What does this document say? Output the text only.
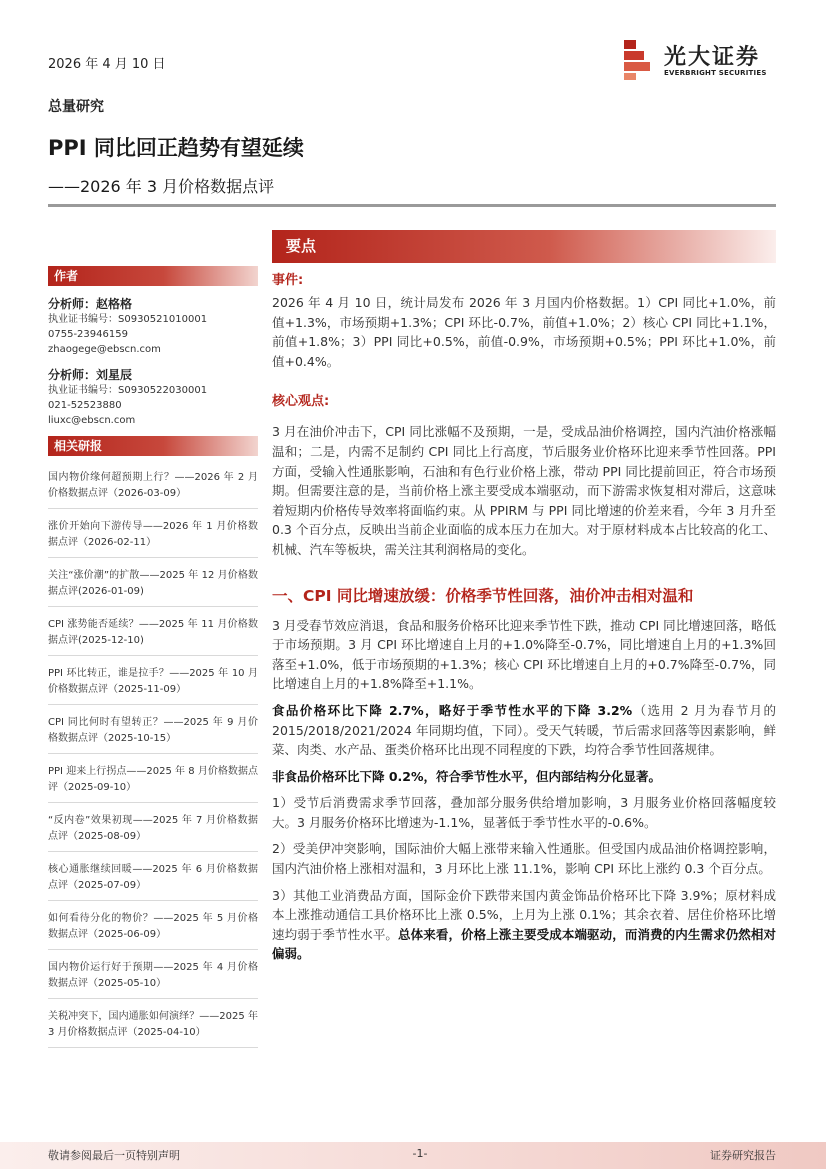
2026 年 4 月 10 日	光大证券
EVERBRIGHT SECURITIES
总量研究
PPI 同比回正趋势有望延续
——2026 年 3 月价格数据点评
作者
分析师：赵格格
执业证书编号：S0930521010001
0755-23946159
zhaogege@ebscn.com
分析师：刘星辰
执业证书编号：S0930522030001
021-52523880
liuxc@ebscn.com
相关研报
国内物价缘何超预期上行？——2026 年 2 月价格数据点评（2026-03-09）
涨价开始向下游传导——2026 年 1 月价格数据点评（2026-02-11）
关注“涨价潮”的扩散——2025 年 12 月价格数据点评(2026-01-09)
CPI 涨势能否延续？——2025 年 11 月价格数据点评(2025-12-10)
PPI 环比转正，谁是拉手？——2025 年 10 月价格数据点评（2025-11-09）
CPI 同比何时有望转正？——2025 年 9 月价格数据点评（2025-10-15）
PPI 迎来上行拐点——2025 年 8 月价格数据点评（2025-09-10）
“反内卷”效果初现——2025 年 7 月价格数据点评（2025-08-09）
核心通胀继续回暖——2025 年 6 月价格数据点评（2025-07-09）
如何看待分化的物价？——2025 年 5 月价格数据点评（2025-06-09）
国内物价运行好于预期——2025 年 4 月价格数据点评（2025-05-10）
关税冲突下，国内通胀如何演绎？——2025 年 3 月价格数据点评（2025-04-10）
要点
事件:
2026 年 4 月 10 日，统计局发布 2026 年 3 月国内价格数据。1）CPI 同比+1.0%，前值+1.3%，市场预期+1.3%；CPI 环比-0.7%，前值+1.0%；2）核心 CPI 同比+1.1%，前值+1.8%；3）PPI 同比+0.5%，前值-0.9%，市场预期+0.5%；PPI 环比+1.0%，前值+0.4%。
核心观点:
3 月在油价冲击下，CPI 同比涨幅不及预期，一是，受成品油价格调控，国内汽油价格涨幅温和；二是，内需不足制约 CPI 同比上行高度，节后服务业价格环比迎来季节性回落。PPI 方面，受输入性通胀影响，石油和有色行业价格上涨，带动 PPI 同比提前回正，符合市场预期。但需要注意的是，当前价格上涨主要受成本端驱动，而下游需求恢复相对滞后，这意味着短期内价格传导效率将面临约束。从 PPIRM 与 PPI 同比增速的价差来看，今年 3 月升至 0.3 个百分点，反映出当前企业面临的成本压力在加大。对于原材料成本占比较高的化工、机械、汽车等板块，需关注其利润格局的变化。
一、CPI 同比增速放缓：价格季节性回落，油价冲击相对温和
3 月受春节效应消退，食品和服务价格环比迎来季节性下跌，推动 CPI 同比增速回落，略低于市场预期。3 月 CPI 环比增速自上月的+1.0%降至-0.7%，同比增速自上月的+1.3%回落至+1.0%，低于市场预期的+1.3%；核心 CPI 环比增速自上月的+0.7%降至-0.7%，同比增速自上月的+1.8%降至+1.1%。
食品价格环比下降 2.7%，略好于季节性水平的下降 3.2%（选用 2 月为春节月的 2015/2018/2021/2024 年同期均值，下同）。受天气转暖，节后需求回落等因素影响，鲜菜、肉类、水产品、蛋类价格环比出现不同程度的下跌，均符合季节性回落规律。
非食品价格环比下降 0.2%，符合季节性水平，但内部结构分化显著。
1）受节后消费需求季节回落，叠加部分服务供给增加影响，3 月服务业价格回落幅度较大。3 月服务价格环比增速为-1.1%，显著低于季节性水平的-0.6%。
2）受美伊冲突影响，国际油价大幅上涨带来输入性通胀。但受国内成品油价格调控影响，国内汽油价格上涨相对温和，3 月环比上涨 11.1%，影响 CPI 环比上涨约 0.3 个百分点。
3）其他工业消费品方面，国际金价下跌带来国内黄金饰品价格环比下降 3.9%；原材料成本上涨推动通信工具价格环比上涨 0.5%，上月为上涨 0.1%；其余衣着、居住价格环比增速均弱于季节性水平。总体来看，价格上涨主要受成本端驱动，而消费的内生需求仍然相对偏弱。
敬请参阅最后一页特别声明	-1-	证券研究报告
